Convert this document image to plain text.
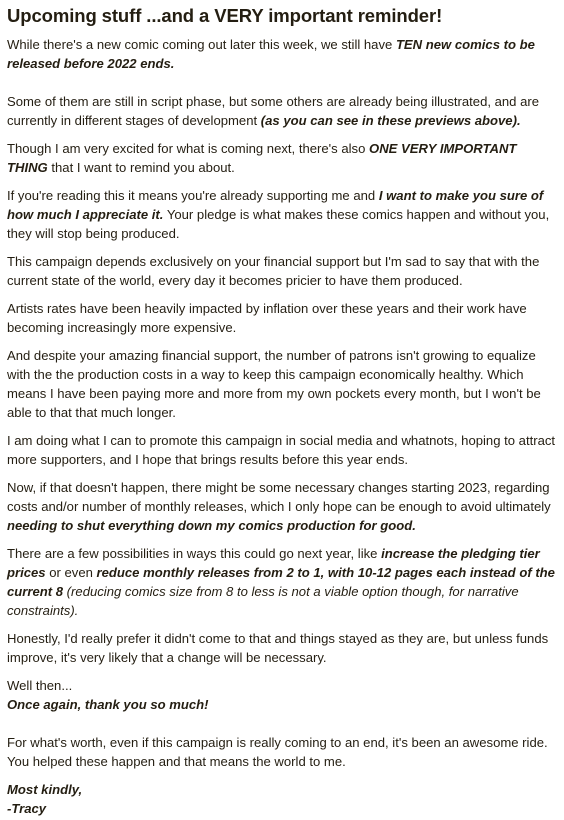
Upcoming stuff ...and a VERY important reminder!

While there's a new comic coming out later this week, we still have TEN new comics to be released before 2022 ends.

Some of them are still in script phase, but some others are already being illustrated, and are currently in different stages of development (as you can see in these previews above).

Though I am very excited for what is coming next, there's also ONE VERY IMPORTANT THING that I want to remind you about.

If you're reading this it means you're already supporting me and I want to make you sure of how much I appreciate it. Your pledge is what makes these comics happen and without you, they will stop being produced.

This campaign depends exclusively on your financial support but I'm sad to say that with the current state of the world, every day it becomes pricier to have them produced.

Artists rates have been heavily impacted by inflation over these years and their work have becoming increasingly more expensive.

And despite your amazing financial support, the number of patrons isn't growing to equalize with the the production costs in a way to keep this campaign economically healthy. Which means I have been paying more and more from my own pockets every month, but I won't be able to that that much longer.

I am doing what I can to promote this campaign in social media and whatnots, hoping to attract more supporters, and I hope that brings results before this year ends.

Now, if that doesn't happen, there might be some necessary changes starting 2023, regarding costs and/or number of monthly releases, which I only hope can be enough to avoid ultimately needing to shut everything down my comics production for good.

There are a few possibilities in ways this could go next year, like increase the pledging tier prices or even reduce monthly releases from 2 to 1, with 10-12 pages each instead of the current 8 (reducing comics size from 8 to less is not a viable option though, for narrative constraints).

Honestly, I'd really prefer it didn't come to that and things stayed as they are, but unless funds improve, it's very likely that a change will be necessary.

Well then...

Once again, thank you so much!

For what's worth, even if this campaign is really coming to an end, it's been an awesome ride. You helped these happen and that means the world to me.

Most kindly,

-Tracy
